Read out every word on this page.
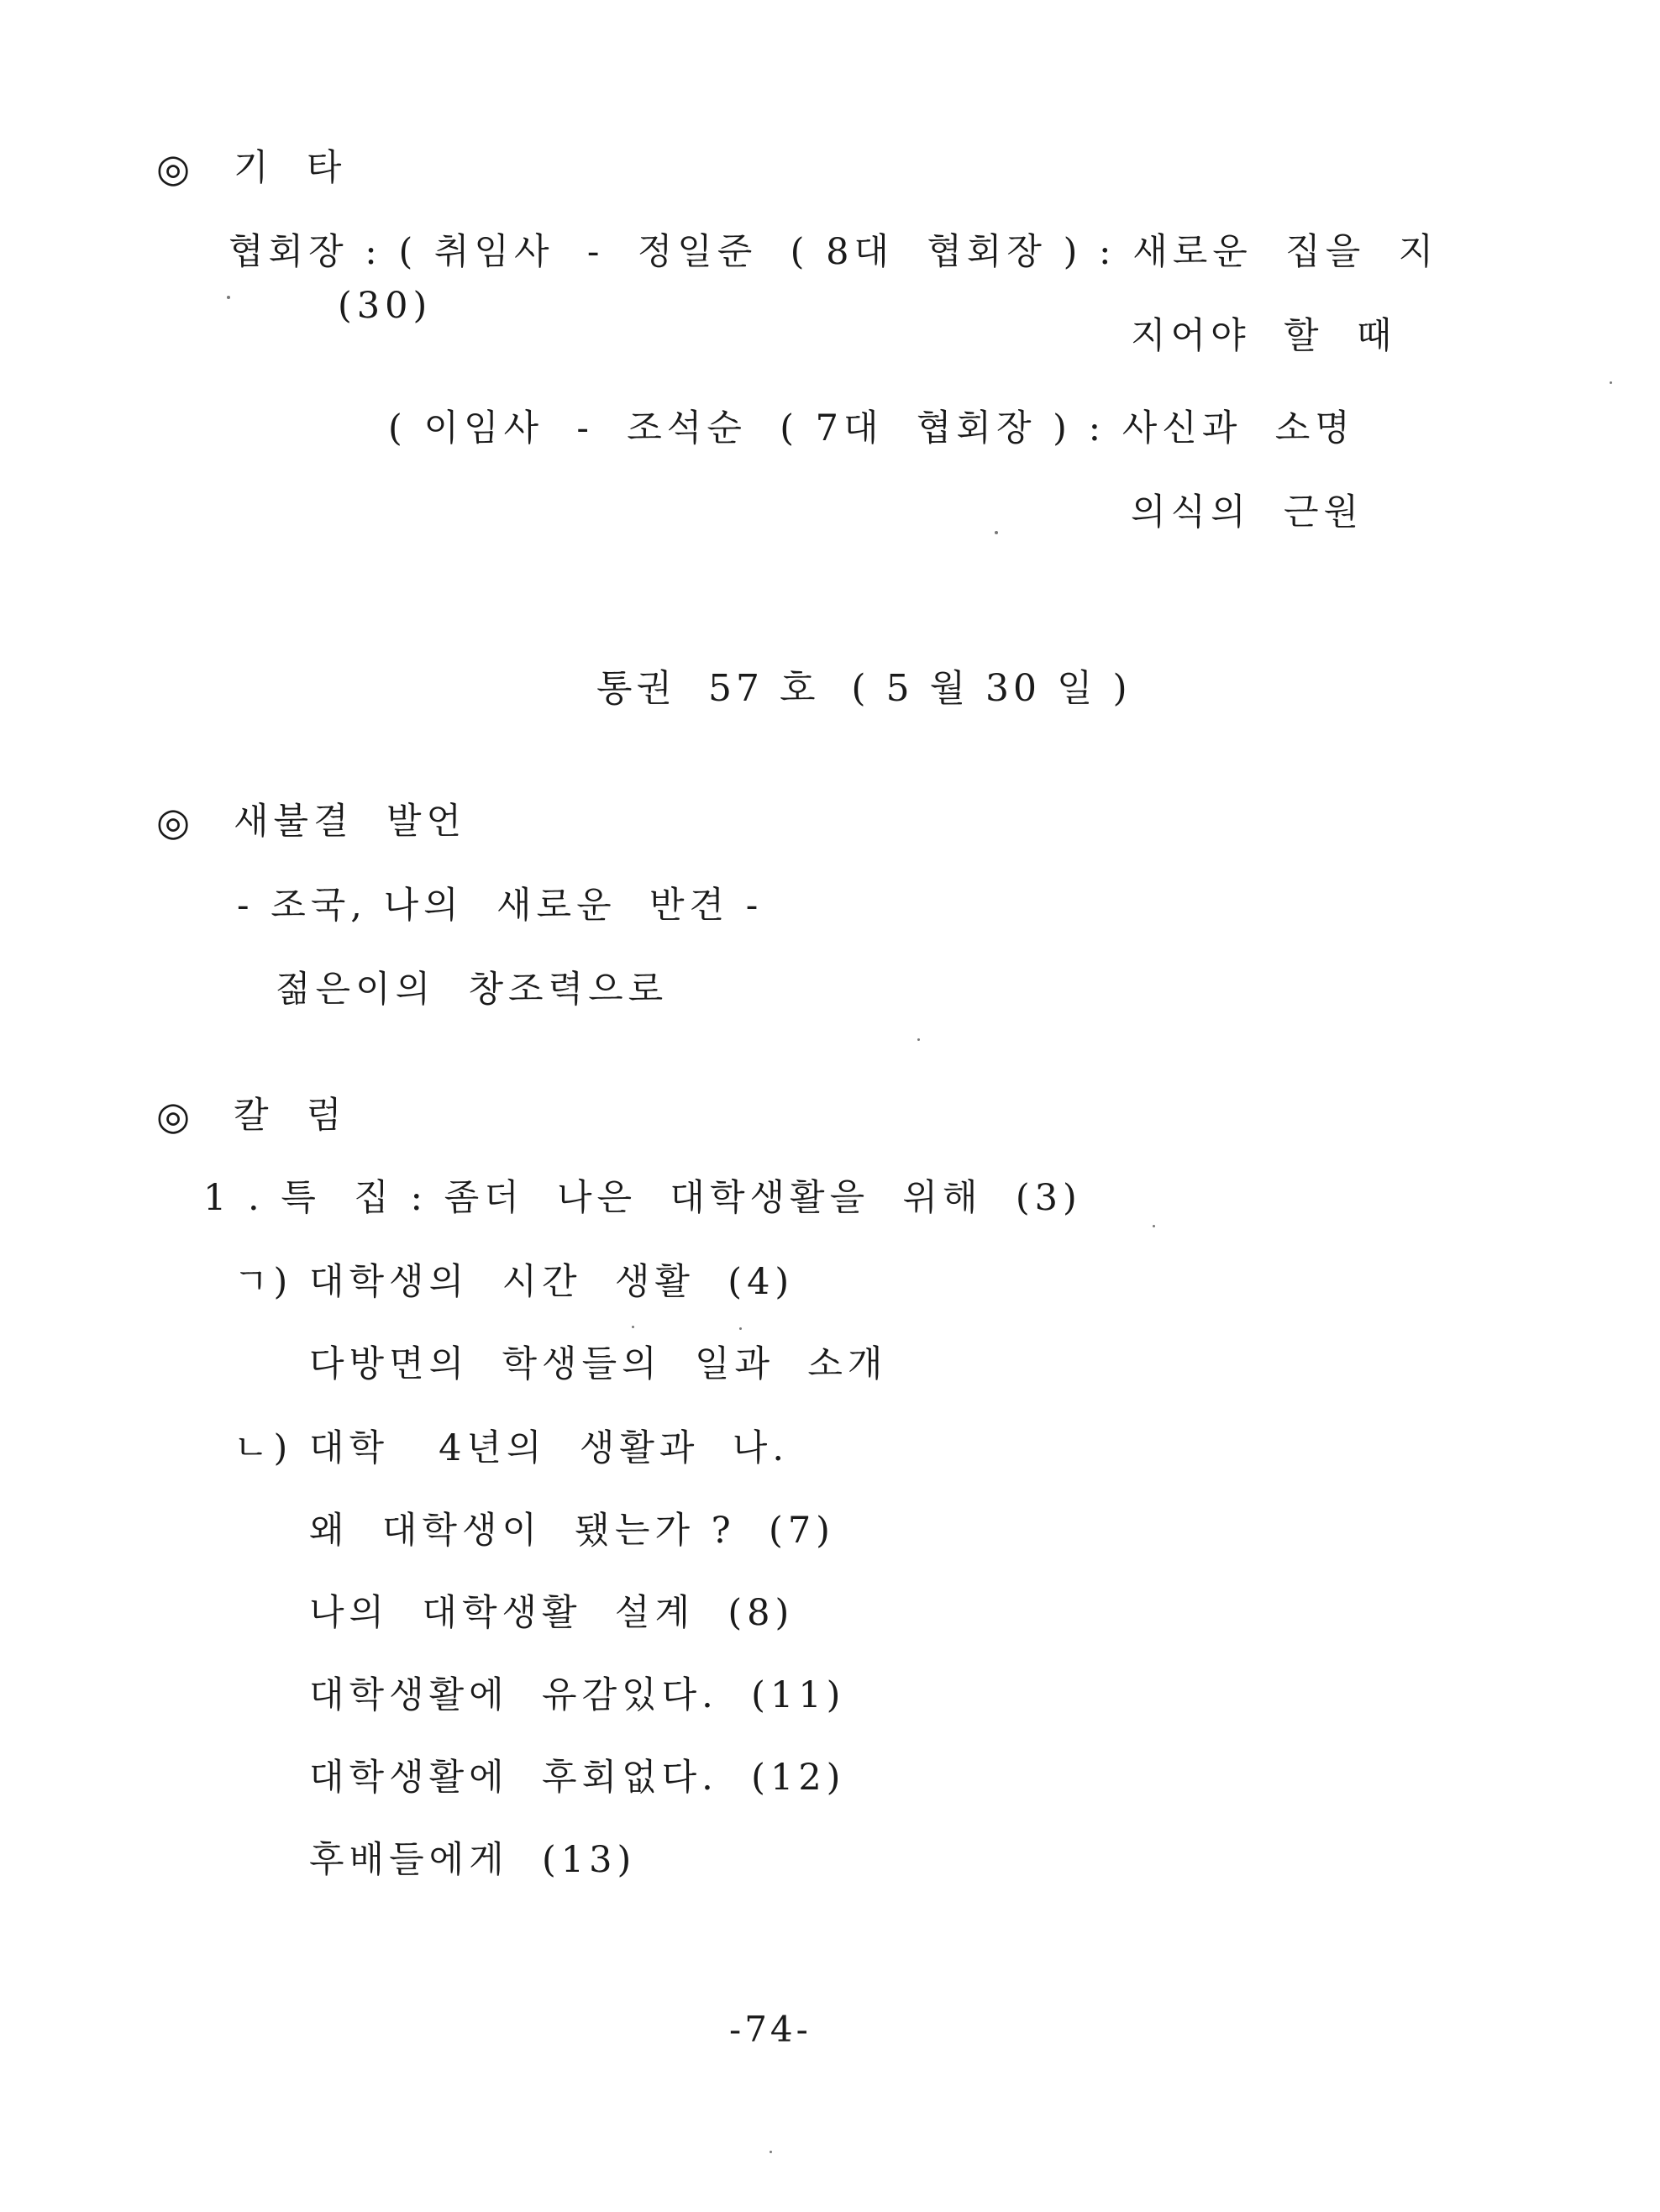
◎ 기  타
협회장 : ( 취임사  -  정일준  ( 8대  협회장 ) : 새로운  집을  지
(30)
지어야  할  때
( 이임사  -  조석순  ( 7대  협회장 ) : 사신과  소명
의식의  근원
통권  57 호  ( 5 월 30 일 )
◎ 새불결  발언
- 조국, 나의  새로운  반견 -
젊은이의  창조력으로
◎ 칼  럼
1 . 특  집 : 좀더  나은  대학생활을  위해  (3)
ㄱ) 대학생의  시간  생활  (4)
다방면의  학생들의  일과  소개
ㄴ) 대학   4년의  생활과  나.
왜  대학생이  됐는가 ?  (7)
나의  대학생활  설계  (8)
대학생활에  유감있다.  (11)
대학생활에  후회없다.  (12)
후배들에게  (13)
-74-
